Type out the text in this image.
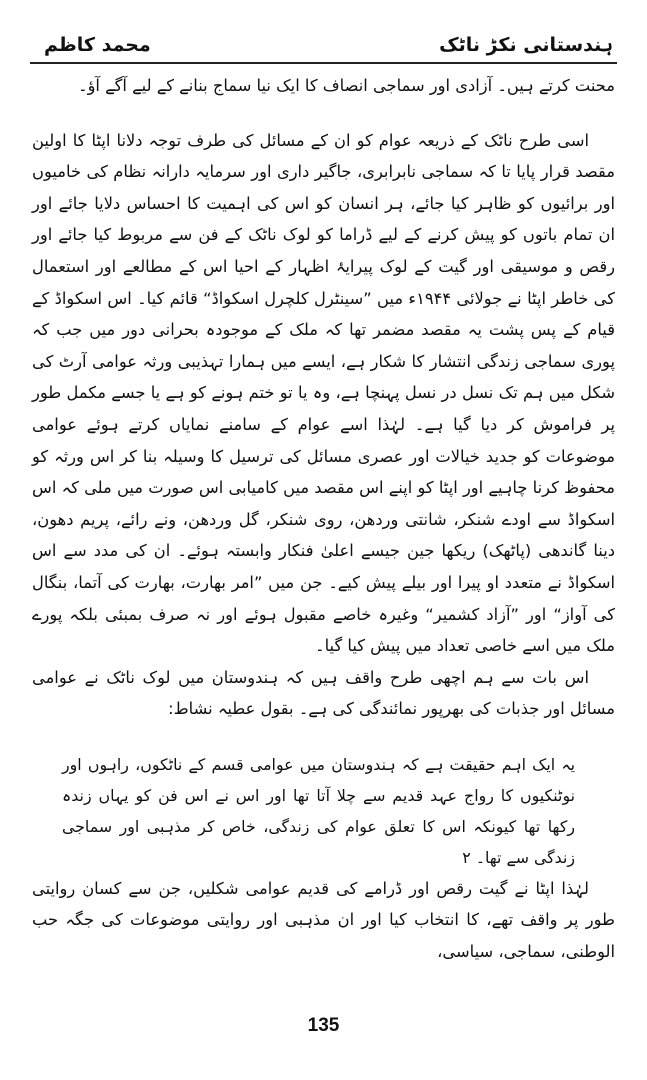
ہندستانی نکڑ ناٹک
محمد کاظم

محنت کرتے ہیں۔ آزادی اور سماجی انصاف کا ایک نیا سماج بنانے کے لیے آگے آؤ۔

اسی طرح ناٹک کے ذریعہ عوام کو ان کے مسائل کی طرف توجہ دلانا اپٹا کا اولین مقصد قرار پایا تا کہ سماجی نابرابری، جاگیر داری اور سرمایہ دارانہ نظام کی خامیوں اور برائیوں کو ظاہر کیا جائے، ہر انسان کو اس کی اہمیت کا احساس دلایا جائے اور ان تمام باتوں کو پیش کرنے کے لیے ڈراما کو لوک ناٹک کے فن سے مربوط کیا جائے اور رقص و موسیقی اور گیت کے لوک پیرایۂ اظہار کے احیا اس کے مطالعے اور استعمال کی خاطر اپٹا نے جولائی ۱۹۴۴ء میں ”سینٹرل کلچرل اسکواڈ“ قائم کیا۔ اس اسکواڈ کے قیام کے پس پشت یہ مقصد مضمر تھا کہ ملک کے موجودہ بحرانی دور میں جب کہ پوری سماجی زندگی انتشار کا شکار ہے، ایسے میں ہمارا تہذیبی ورثہ عوامی آرٹ کی شکل میں ہم تک نسل در نسل پہنچا ہے، وہ یا تو ختم ہونے کو ہے یا جسے مکمل طور پر فراموش کر دیا گیا ہے۔ لہٰذا اسے عوام کے سامنے نمایاں کرتے ہوئے عوامی موضوعات کو جدید خیالات اور عصری مسائل کی ترسیل کا وسیلہ بنا کر اس ورثہ کو محفوظ کرنا چاہیے اور اپٹا کو اپنے اس مقصد میں کامیابی اس صورت میں ملی کہ اس اسکواڈ سے اودے شنکر، شانتی وردھن، روی شنکر، گل وردھن، ونے رائے، پریم دھون، دینا گاندھی (پاٹھک) ریکھا جین جیسے اعلیٰ فنکار وابستہ ہوئے۔ ان کی مدد سے اس اسکواڈ نے متعدد او پیرا اور بیلے پیش کیے۔ جن میں ”امر بھارت، بھارت کی آتما، بنگال کی آواز“ اور ”آزاد کشمیر“ وغیرہ خاصے مقبول ہوئے اور نہ صرف بمبئی بلکہ پورے ملک میں اسے خاصی تعداد میں پیش کیا گیا۔

اس بات سے ہم اچھی طرح واقف ہیں کہ ہندوستان میں لوک ناٹک نے عوامی مسائل اور جذبات کی بھرپور نمائندگی کی ہے۔ بقول عطیہ نشاط:

یہ ایک اہم حقیقت ہے کہ ہندوستان میں عوامی قسم کے ناٹکوں، راہوں اور نوٹنکیوں کا رواج عہد قدیم سے چلا آتا تھا اور اس نے اس فن کو یہاں زندہ رکھا تھا کیونکہ اس کا تعلق عوام کی زندگی، خاص کر مذہبی اور سماجی زندگی سے تھا۔ ۲

لہٰذا اپٹا نے گیت رقص اور ڈرامے کی قدیم عوامی شکلیں، جن سے کسان روایتی طور پر واقف تھے، کا انتخاب کیا اور ان مذہبی اور روایتی موضوعات کی جگہ حب الوطنی، سماجی، سیاسی،

135
